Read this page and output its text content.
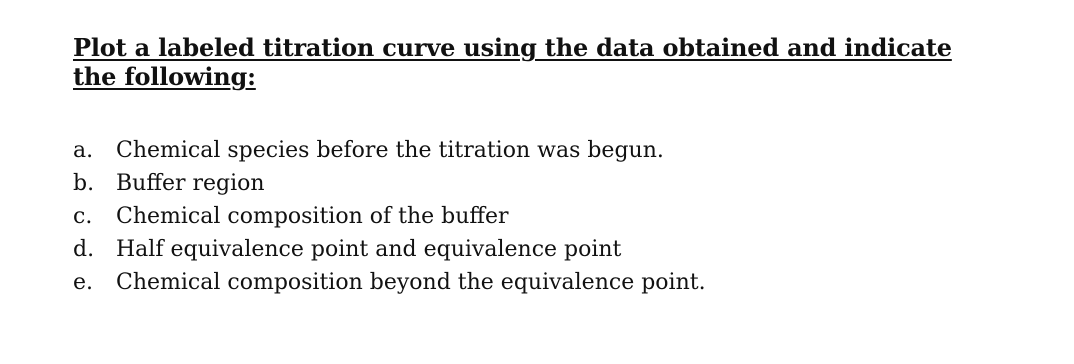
Plot a labeled titration curve using the data obtained and indicate the following:

a. Chemical species before the titration was begun.
b. Buffer region
c. Chemical composition of the buffer
d. Half equivalence point and equivalence point
e. Chemical composition beyond the equivalence point.
